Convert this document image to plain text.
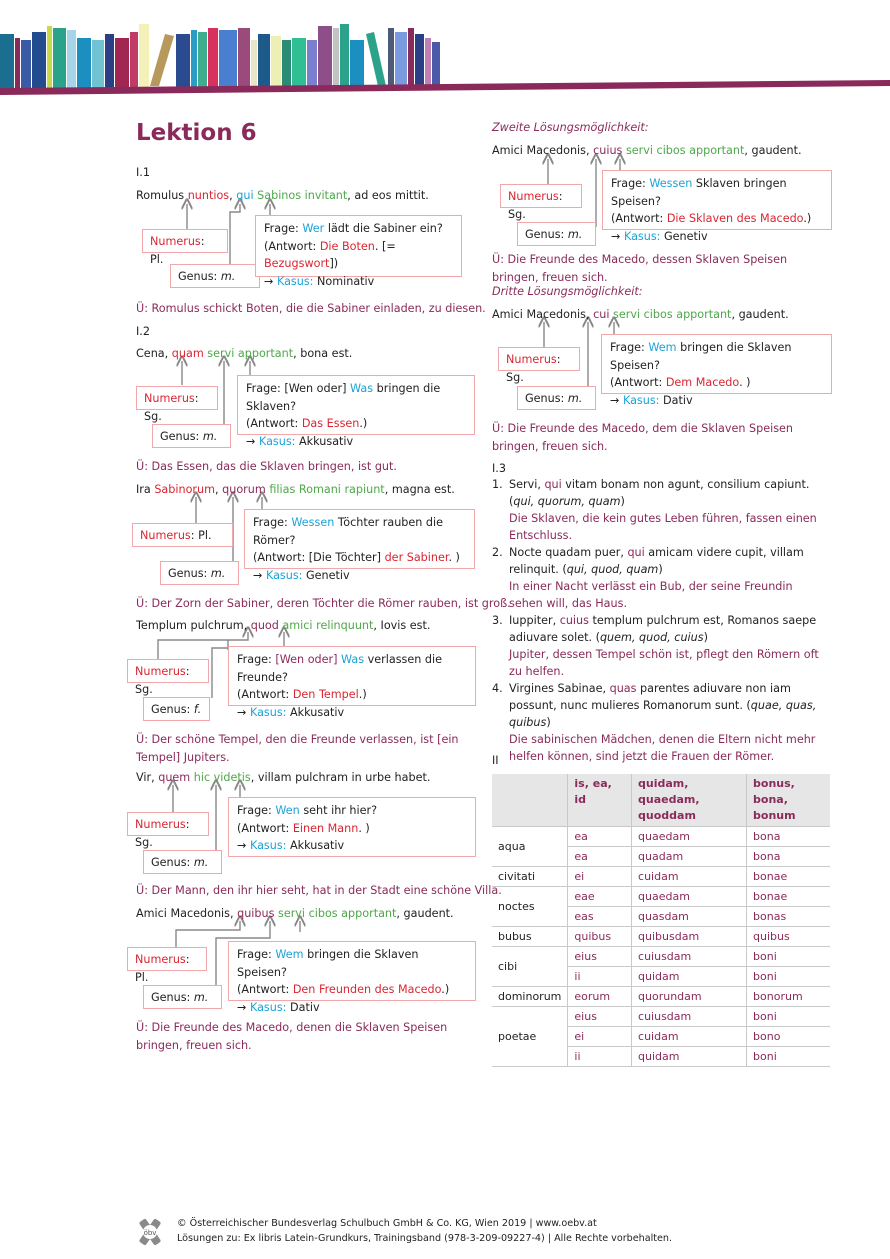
Lektion 6
I.1
Romulus nuntios, qui Sabinos invitant, ad eos mittit.
Numerus: Pl.
Genus: m.
Frage: Wer lädt die Sabiner ein?
(Antwort: Die Boten. [= Bezugswort])
→ Kasus: Nominativ
Ü: Romulus schickt Boten, die die Sabiner einladen, zu diesen.
I.2
Cena, quam servi apportant, bona est.
Numerus: Sg.
Genus: m.
Frage: [Wen oder] Was bringen die Sklaven?
(Antwort: Das Essen.)
→ Kasus: Akkusativ
Ü: Das Essen, das die Sklaven bringen, ist gut.
Ira Sabinorum, quorum filias Romani rapiunt, magna est.
Numerus: Pl.
Genus: m.
Frage: Wessen Töchter rauben die Römer?
(Antwort: [Die Töchter] der Sabiner. )
→ Kasus: Genetiv
Ü: Der Zorn der Sabiner, deren Töchter die Römer rauben, ist groß.
Templum pulchrum, quod amici relinquunt, Iovis est.
Numerus: Sg.
Genus: f.
Frage: [Wen oder] Was verlassen die Freunde?
(Antwort: Den Tempel.)
→ Kasus: Akkusativ
Ü: Der schöne Tempel, den die Freunde verlassen, ist [ein Tempel] Jupiters.
Vir, quem hic videtis, villam pulchram in urbe habet.
Numerus: Sg.
Genus: m.
Frage: Wen seht ihr hier?
(Antwort: Einen Mann. )
→ Kasus: Akkusativ
Ü: Der Mann, den ihr hier seht, hat in der Stadt eine schöne Villa.
Amici Macedonis, quibus servi cibos apportant, gaudent.
Numerus: Pl.
Genus: m.
Frage: Wem bringen die Sklaven Speisen?
(Antwort: Den Freunden des Macedo.)
→ Kasus: Dativ
Ü: Die Freunde des Macedo, denen die Sklaven Speisen bringen, freuen sich.
Zweite Lösungsmöglichkeit:
Amici Macedonis, cuius servi cibos apportant, gaudent.
Numerus: Sg.
Genus: m.
Frage: Wessen Sklaven bringen Speisen?
(Antwort: Die Sklaven des Macedo.)
→ Kasus: Genetiv
Ü: Die Freunde des Macedo, dessen Sklaven Speisen bringen, freuen sich.
Dritte Lösungsmöglichkeit:
Amici Macedonis, cui servi cibos apportant, gaudent.
Numerus: Sg.
Genus: m.
Frage: Wem bringen die Sklaven Speisen?
(Antwort: Dem Macedo. )
→ Kasus: Dativ
Ü: Die Freunde des Macedo, dem die Sklaven Speisen bringen, freuen sich.
I.3
1. Servi, qui vitam bonam non agunt, consilium capiunt. (qui, quorum, quam)
Die Sklaven, die kein gutes Leben führen, fassen einen Entschluss.
2. Nocte quadam puer, qui amicam videre cupit, villam relinquit. (qui, quod, quam)
In einer Nacht verlässt ein Bub, der seine Freundin sehen will, das Haus.
3. Iuppiter, cuius templum pulchrum est, Romanos saepe adiuvare solet. (quem, quod, cuius)
Jupiter, dessen Tempel schön ist, pflegt den Römern oft zu helfen.
4. Virgines Sabinae, quas parentes adiuvare non iam possunt, nunc mulieres Romanorum sunt. (quae, quas, quibus)
Die sabinischen Mädchen, denen die Eltern nicht mehr helfen können, sind jetzt die Frauen der Römer.
II
	is, ea, id	quidam, quaedam, quoddam	bonus, bona, bonum
aqua	ea	quaedam	bona
	ea	quadam	bona
civitati	ei	cuidam	bonae
noctes	eae	quaedam	bonae
	eas	quasdam	bonas
bubus	quibus	quibusdam	quibus
cibi	eius	cuiusdam	boni
	ii	quidam	boni
dominorum	eorum	quorundam	bonorum
poetae	eius	cuiusdam	boni
	ei	cuidam	bono
	ii	quidam	boni
öbv
© Österreichischer Bundesverlag Schulbuch GmbH & Co. KG, Wien 2019 | www.oebv.at
Lösungen zu: Ex libris Latein-Grundkurs, Trainingsband (978-3-209-09227-4) | Alle Rechte vorbehalten.
